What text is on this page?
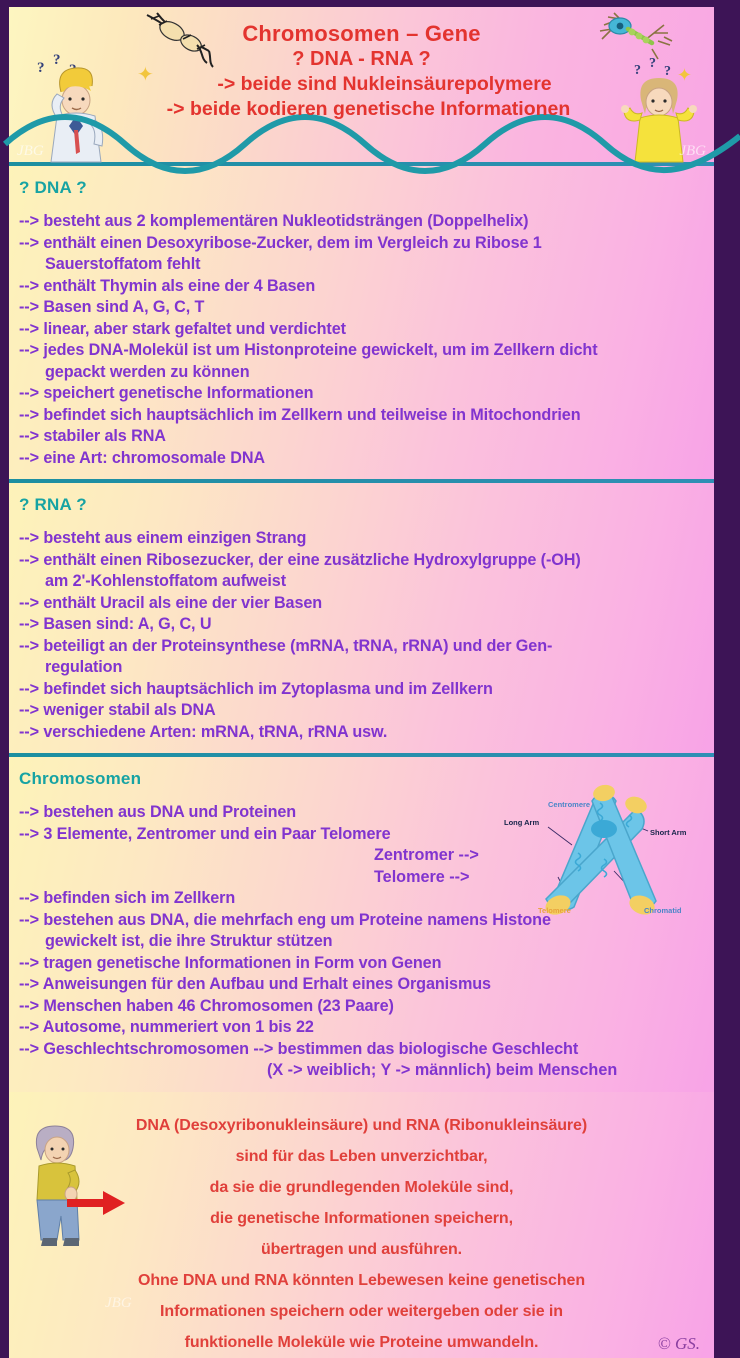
? ?
? ?
?
✦	✦
Chromosomen – Gene
? DNA - RNA ?
-> beide sind Nukleinsäurepolymere
-> beide kodieren genetische Informationen
JBG	JBG
? DNA ?
--> besteht aus 2 komplementären Nukleotidsträngen (Doppelhelix)
--> enthält einen Desoxyribose-Zucker, dem im Vergleich zu Ribose 1
Sauerstoffatom fehlt
--> enthält Thymin als eine der 4 Basen
--> Basen sind A, G, C, T
--> linear, aber stark gefaltet und verdichtet
--> jedes DNA-Molekül ist um Histonproteine gewickelt, um im Zellkern dicht
gepackt werden zu können
--> speichert genetische Informationen
--> befindet sich hauptsächlich im Zellkern und teilweise in Mitochondrien
--> stabiler als RNA
--> eine Art: chromosomale DNA
? RNA ?
--> besteht aus einem einzigen Strang
--> enthält einen Ribosezucker, der eine zusätzliche Hydroxylgruppe (-OH)
am 2'-Kohlenstoffatom aufweist
--> enthält Uracil als eine der vier Basen
--> Basen sind: A, G, C, U
--> beteiligt an der Proteinsynthese (mRNA, tRNA, rRNA) und der Gen-
regulation
--> befindet sich hauptsächlich im Zytoplasma und im Zellkern
--> weniger stabil als DNA
--> verschiedene Arten: mRNA, tRNA, rRNA usw.
Chromosomen
Centromere
Long Arm
Short Arm
Telomere	Chromatid
--> bestehen aus DNA und Proteinen
--> 3 Elemente, Zentromer und ein Paar Telomere
Zentromer -->
Telomere -->
--> befinden sich im Zellkern
--> bestehen aus DNA, die mehrfach eng um Proteine namens Histone
gewickelt ist, die ihre Struktur stützen
--> tragen genetische Informationen in Form von Genen
--> Anweisungen für den Aufbau und Erhalt eines Organismus
--> Menschen haben 46 Chromosomen (23 Paare)
--> Autosome, nummeriert von 1 bis 22
--> Geschlechtschromosomen --> bestimmen das biologische Geschlecht
(X -> weiblich; Y -> männlich) beim Menschen
DNA (Desoxyribonukleinsäure) und RNA (Ribonukleinsäure)
sind für das Leben unverzichtbar,
da sie die grundlegenden Moleküle sind,
die genetische Informationen speichern,
übertragen und ausführen.
Ohne DNA und RNA könnten Lebewesen keine genetischen
Informationen speichern oder weitergeben oder sie in
funktionelle Moleküle wie Proteine umwandeln.
JBG
© GS.
